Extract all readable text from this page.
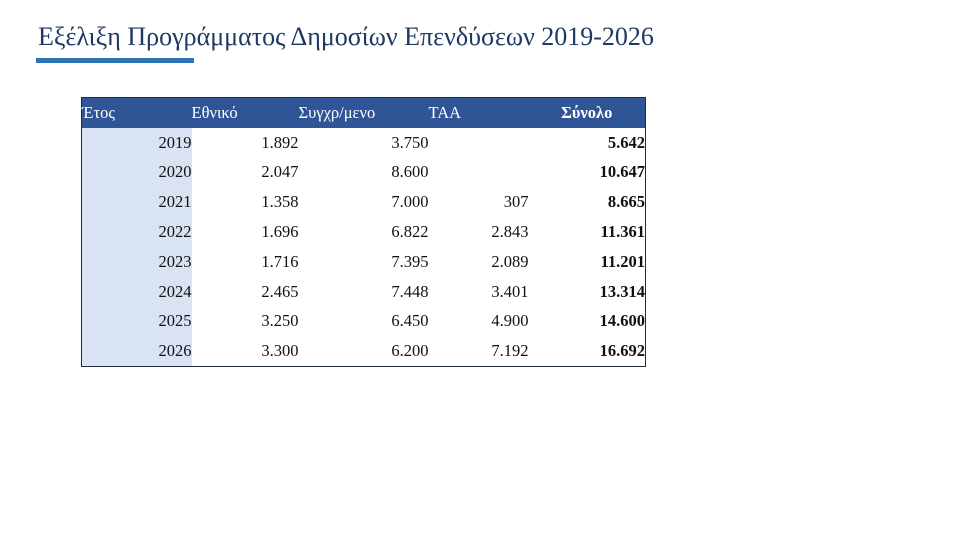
Εξέλιξη Προγράμματος Δημοσίων Επενδύσεων 2019-2026
Έτος	Εθνικό	Συγχρ/μενο	ΤΑΑ	Σύνολο
2019	1.892	3.750		5.642
2020	2.047	8.600		10.647
2021	1.358	7.000	307	8.665
2022	1.696	6.822	2.843	11.361
2023	1.716	7.395	2.089	11.201
2024	2.465	7.448	3.401	13.314
2025	3.250	6.450	4.900	14.600
2026	3.300	6.200	7.192	16.692
